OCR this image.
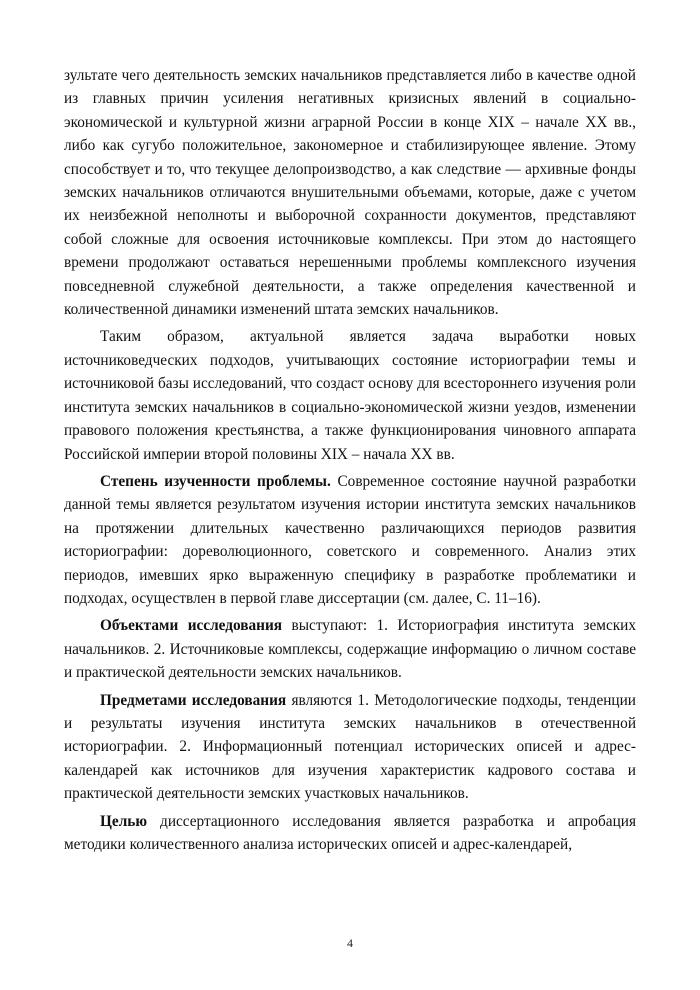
зультате чего деятельность земских начальников представляется либо в качестве одной из главных причин усиления негативных кризисных явлений в социально-экономической и культурной жизни аграрной России в конце XIX – начале XX вв., либо как сугубо положительное, закономерное и стабилизирующее явление. Этому способствует и то, что текущее делопроизводство, а как следствие — архивные фонды земских начальников отличаются внушительными объемами, которые, даже с учетом их неизбежной неполноты и выборочной сохранности документов, представляют собой сложные для освоения источниковые комплексы. При этом до настоящего времени продолжают оставаться нерешенными проблемы комплексного изучения повседневной служебной деятельности, а также определения качественной и количественной динамики изменений штата земских начальников.

Таким образом, актуальной является задача выработки новых источниковедческих подходов, учитывающих состояние историографии темы и источниковой базы исследований, что создаст основу для всестороннего изучения роли института земских начальников в социально-экономической жизни уездов, изменении правового положения крестьянства, а также функционирования чиновного аппарата Российской империи второй половины XIX – начала XX вв.

Степень изученности проблемы. Современное состояние научной разработки данной темы является результатом изучения истории института земских начальников на протяжении длительных качественно различающихся периодов развития историографии: дореволюционного, советского и современного. Анализ этих периодов, имевших ярко выраженную специфику в разработке проблематики и подходах, осуществлен в первой главе диссертации (см. далее, С. 11–16).

Объектами исследования выступают: 1. Историография института земских начальников. 2. Источниковые комплексы, содержащие информацию о личном составе и практической деятельности земских начальников.

Предметами исследования являются 1. Методологические подходы, тенденции и результаты изучения института земских начальников в отечественной историографии. 2. Информационный потенциал исторических описей и адрес-календарей как источников для изучения характеристик кадрового состава и практической деятельности земских участковых начальников.

Целью диссертационного исследования является разработка и апробация методики количественного анализа исторических описей и адрес-календарей,

4
